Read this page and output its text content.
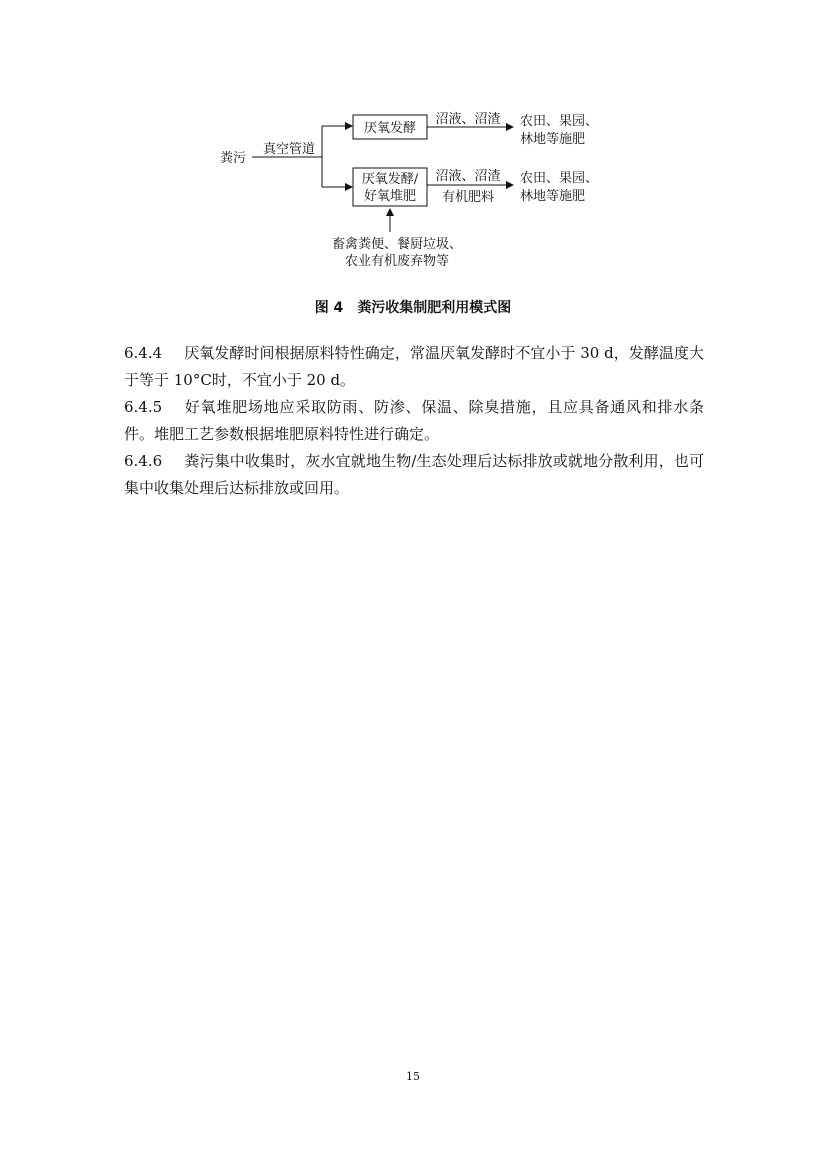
粪污
真空管道
厌氧发酵
厌氧发酵/
好氧堆肥
沼液、沼渣
沼液、沼渣
有机肥料
农田、果园、
林地等施肥
农田、果园、
林地等施肥
畜禽粪便、餐厨垃圾、
农业有机废弃物等
图 4 粪污收集制肥利用模式图

6.4.4 厌氧发酵时间根据原料特性确定，常温厌氧发酵时不宜小于 30 d，发酵温度大于等于 10°C时，不宜小于 20 d。

6.4.5 好氧堆肥场地应采取防雨、防渗、保温、除臭措施，且应具备通风和排水条件。堆肥工艺参数根据堆肥原料特性进行确定。

6.4.6 粪污集中收集时，灰水宜就地生物/生态处理后达标排放或就地分散利用，也可集中收集处理后达标排放或回用。

15
